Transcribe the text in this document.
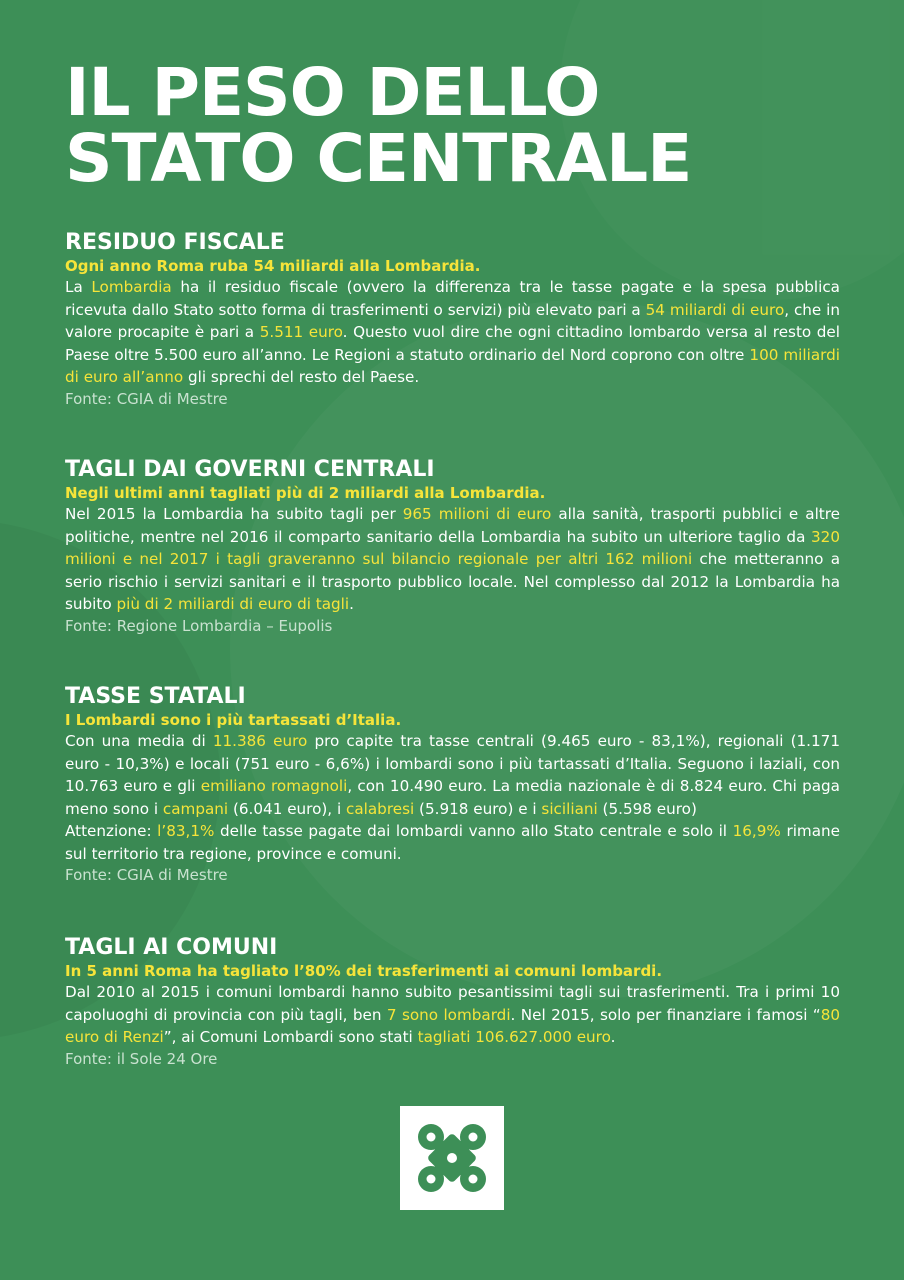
IL PESO DELLO
STATO CENTRALE
RESIDUO FISCALE
Ogni anno Roma ruba 54 miliardi alla Lombardia.
La Lombardia ha il residuo fiscale (ovvero la differenza tra le tasse pagate e la spesa pubblica ricevuta dallo Stato sotto forma di trasferimenti o servizi) più elevato pari a 54 miliardi di euro, che in valore procapite è pari a 5.511 euro. Questo vuol dire che ogni cittadino lombardo versa al resto del Paese oltre 5.500 euro all’anno. Le Regioni a statuto ordinario del Nord coprono con oltre 100 miliardi di euro all’anno gli sprechi del resto del Paese.
Fonte: CGIA di Mestre
TAGLI DAI GOVERNI CENTRALI
Negli ultimi anni tagliati più di 2 miliardi alla Lombardia.
Nel 2015 la Lombardia ha subito tagli per 965 milioni di euro alla sanità, trasporti pubblici e altre politiche, mentre nel 2016 il comparto sanitario della Lombardia ha subito un ulteriore taglio da 320 milioni e nel 2017 i tagli graveranno sul bilancio regionale per altri 162 milioni che metteranno a serio rischio i servizi sanitari e il trasporto pubblico locale. Nel complesso dal 2012 la Lombardia ha subito più di 2 miliardi di euro di tagli.
Fonte: Regione Lombardia – Eupolis
TASSE STATALI
I Lombardi sono i più tartassati d’Italia.
Con una media di 11.386 euro pro capite tra tasse centrali (9.465 euro - 83,1%), regionali (1.171 euro - 10,3%) e locali (751 euro - 6,6%) i lombardi sono i più tartassati d’Italia. Seguono i laziali, con 10.763 euro e gli emiliano romagnoli, con 10.490 euro. La media nazionale è di 8.824 euro. Chi paga meno sono i campani (6.041 euro), i calabresi (5.918 euro) e i siciliani (5.598 euro)
Attenzione: l’83,1% delle tasse pagate dai lombardi vanno allo Stato centrale e solo il 16,9% rimane sul territorio tra regione, province e comuni.
Fonte: CGIA di Mestre
TAGLI AI COMUNI
In 5 anni Roma ha tagliato l’80% dei trasferimenti ai comuni lombardi.
Dal 2010 al 2015 i comuni lombardi hanno subito pesantissimi tagli sui trasferimenti. Tra i primi 10 capoluoghi di provincia con più tagli, ben 7 sono lombardi. Nel 2015, solo per finanziare i famosi “80 euro di Renzi”, ai Comuni Lombardi sono stati tagliati 106.627.000 euro.
Fonte: il Sole 24 Ore
